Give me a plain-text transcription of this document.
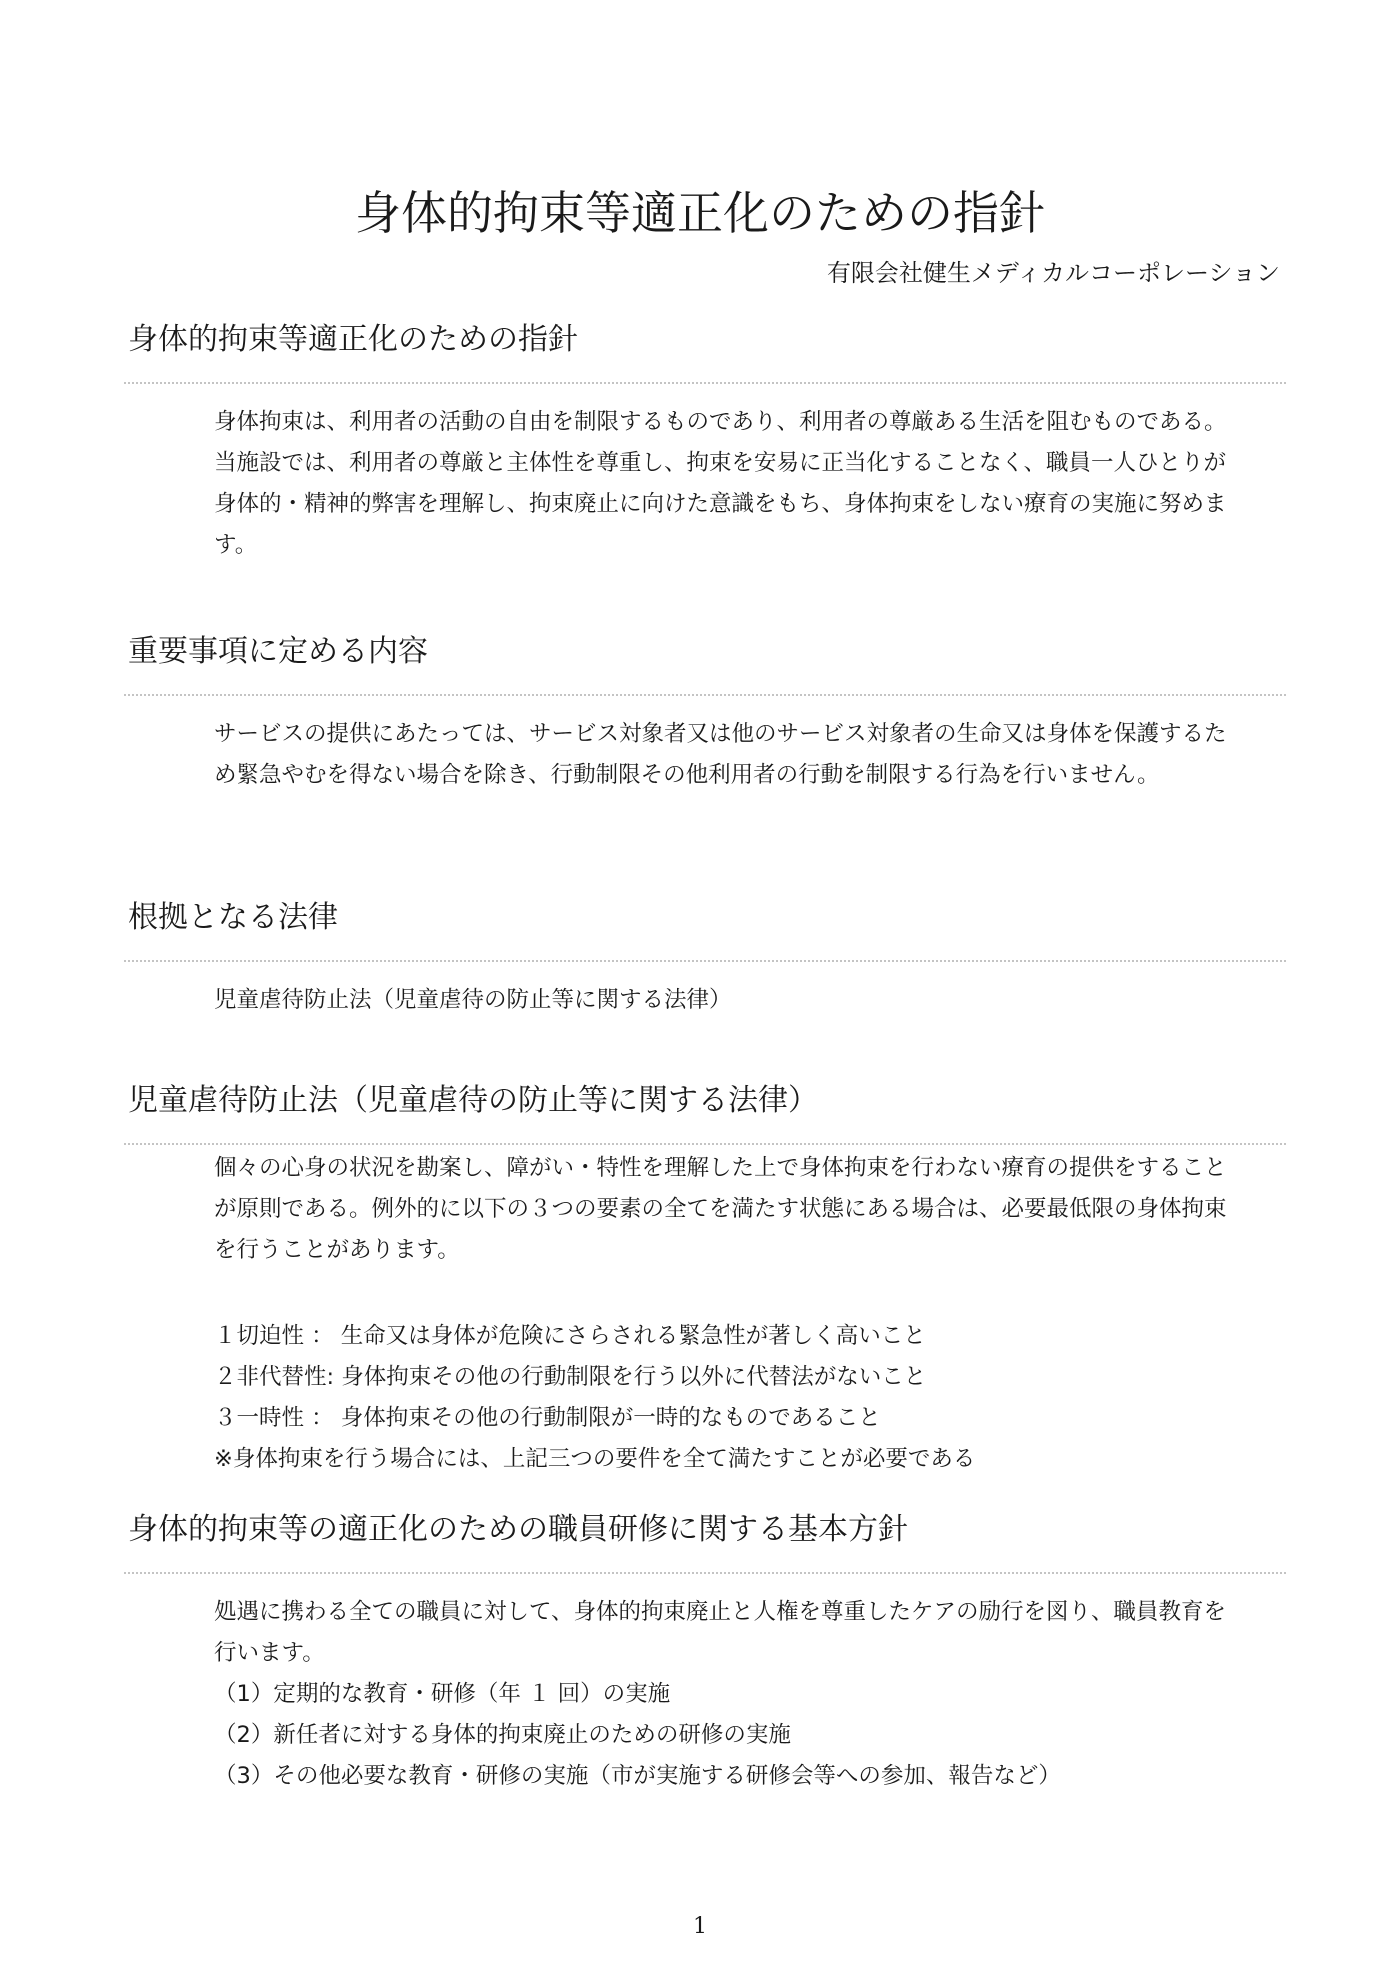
身体的拘束等適正化のための指針
有限会社健生メディカルコーポレーション
身体的拘束等適正化のための指針

身体拘束は、利用者の活動の自由を制限するものであり、利用者の尊厳ある生活を阻むものである。当施設では、利用者の尊厳と主体性を尊重し、拘束を安易に正当化することなく、職員一人ひとりが身体的・精神的弊害を理解し、拘束廃止に向けた意識をもち、身体拘束をしない療育の実施に努めます。

重要事項に定める内容

サービスの提供にあたっては、サービス対象者又は他のサービス対象者の生命又は身体を保護するため緊急やむを得ない場合を除き、行動制限その他利用者の行動を制限する行為を行いません。

根拠となる法律

児童虐待防止法（児童虐待の防止等に関する法律）

児童虐待防止法（児童虐待の防止等に関する法律）

個々の心身の状況を勘案し、障がい・特性を理解した上で身体拘束を行わない療育の提供をすることが原則である。例外的に以下の３つの要素の全てを満たす状態にある場合は、必要最低限の身体拘束を行うことがあります。

１切迫性 ： 生命又は身体が危険にさらされる緊急性が著しく高いこと
２非代替性: 身体拘束その他の行動制限を行う以外に代替法がないこと
３一時性 ： 身体拘束その他の行動制限が一時的なものであること
※身体拘束を行う場合には、上記三つの要件を全て満たすことが必要である
身体的拘束等の適正化のための職員研修に関する基本方針

処遇に携わる全ての職員に対して、身体的拘束廃止と人権を尊重したケアの励行を図り、職員教育を行います。

（1）定期的な教育・研修（年 １ 回）の実施
（2）新任者に対する身体的拘束廃止のための研修の実施
（3）その他必要な教育・研修の実施（市が実施する研修会等への参加、報告など）
1
